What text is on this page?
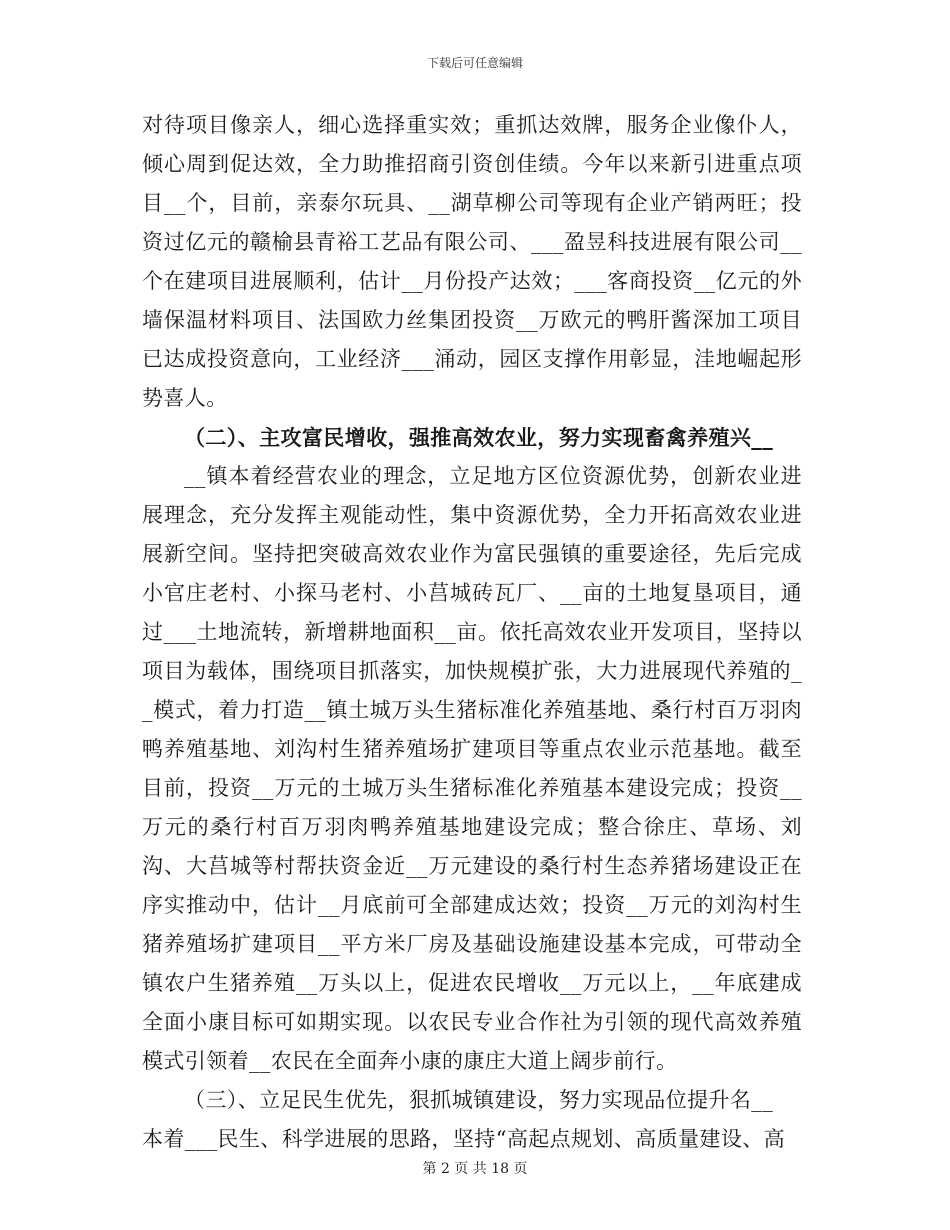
下载后可任意编辑

对待项目像亲人，细心选择重实效；重抓达效牌，服务企业像仆人，倾心周到促达效，全力助推招商引资创佳绩。今年以来新引进重点项目__个，目前，亲泰尔玩具、__湖草柳公司等现有企业产销两旺；投资过亿元的赣榆县青裕工艺品有限公司、___盈昱科技进展有限公司__个在建项目进展顺利，估计__月份投产达效；___客商投资__亿元的外墙保温材料项目、法国欧力丝集团投资__万欧元的鸭肝酱深加工项目已达成投资意向，工业经济___涌动，园区支撑作用彰显，洼地崛起形势喜人。

（二）、主攻富民增收，强推高效农业，努力实现畜禽养殖兴__

__镇本着经营农业的理念，立足地方区位资源优势，创新农业进展理念，充分发挥主观能动性，集中资源优势，全力开拓高效农业进展新空间。坚持把突破高效农业作为富民强镇的重要途径，先后完成小官庄老村、小探马老村、小莒城砖瓦厂、__亩的土地复垦项目，通过___土地流转，新增耕地面积__亩。依托高效农业开发项目，坚持以项目为载体，围绕项目抓落实，加快规模扩张，大力进展现代养殖的__模式，着力打造__镇土城万头生猪标准化养殖基地、桑行村百万羽肉鸭养殖基地、刘沟村生猪养殖场扩建项目等重点农业示范基地。截至目前，投资__万元的土城万头生猪标准化养殖基本建设完成；投资__万元的桑行村百万羽肉鸭养殖基地建设完成；整合徐庄、草场、刘沟、大莒城等村帮扶资金近__万元建设的桑行村生态养猪场建设正在序实推动中，估计__月底前可全部建成达效；投资__万元的刘沟村生猪养殖场扩建项目__平方米厂房及基础设施建设基本完成，可带动全镇农户生猪养殖__万头以上，促进农民增收__万元以上，__年底建成全面小康目标可如期实现。以农民专业合作社为引领的现代高效养殖模式引领着__农民在全面奔小康的康庄大道上阔步前行。

（三）、立足民生优先，狠抓城镇建设，努力实现品位提升名__

本着___民生、科学进展的思路，坚持“高起点规划、高质量建设、高

第 2 页 共 18 页
